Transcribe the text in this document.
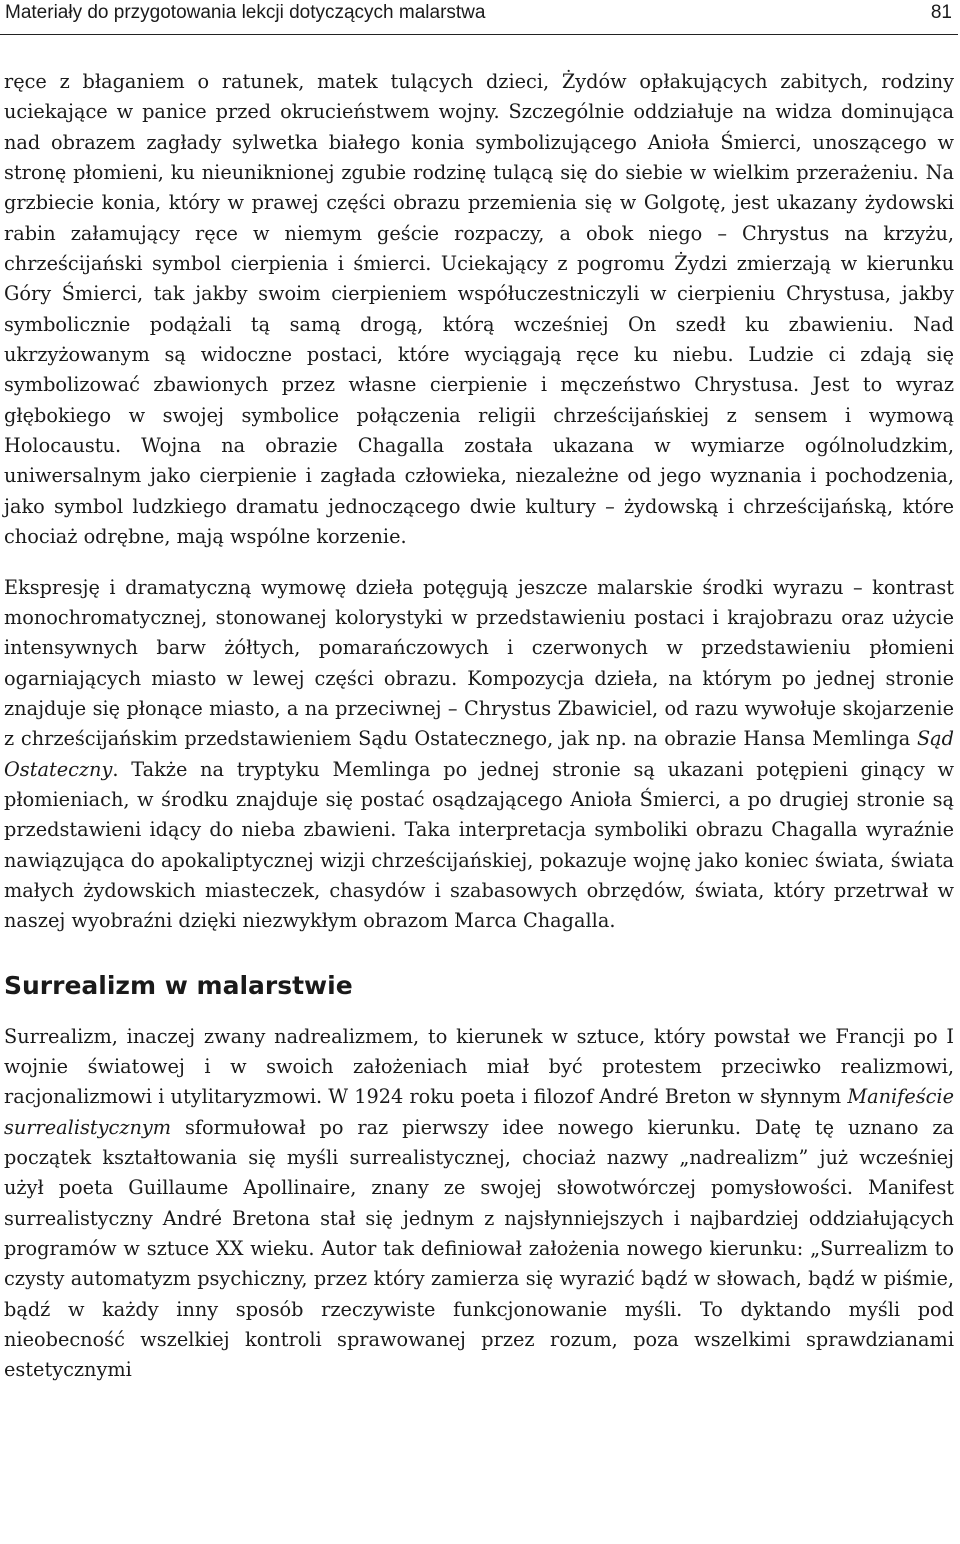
Materiały do przygotowania lekcji dotyczących malarstwa	81

ręce z błaganiem o ratunek, matek tulących dzieci, Żydów opłakujących zabitych, rodziny uciekające w panice przed okrucieństwem wojny. Szczególnie oddziałuje na widza dominująca nad obrazem zagłady sylwetka białego konia symbolizującego Anioła Śmierci, unoszącego w stronę płomieni, ku nieuniknionej zgubie rodzinę tulącą się do siebie w wielkim przerażeniu. Na grzbiecie konia, który w prawej części obrazu przemienia się w Golgotę, jest ukazany żydowski rabin załamujący ręce w niemym geście rozpaczy, a obok niego – Chrystus na krzyżu, chrześcijański symbol cierpienia i śmierci. Uciekający z pogromu Żydzi zmierzają w kierunku Góry Śmierci, tak jakby swoim cierpieniem współuczestniczyli w cierpieniu Chrystusa, jakby symbolicznie podążali tą samą drogą, którą wcześniej On szedł ku zbawieniu. Nad ukrzyżowanym są widoczne postaci, które wyciągają ręce ku niebu. Ludzie ci zdają się symbolizować zbawionych przez własne cierpienie i męczeństwo Chrystusa. Jest to wyraz głębokiego w swojej symbolice połączenia religii chrześcijańskiej z sensem i wymową Holocaustu. Wojna na obrazie Chagalla została ukazana w wymiarze ogólnoludzkim, uniwersalnym jako cierpienie i zagłada człowieka, niezależne od jego wyznania i pochodzenia, jako symbol ludzkiego dramatu jednoczącego dwie kultury – żydowską i chrześcijańską, które chociaż odrębne, mają wspólne korzenie.

Ekspresję i dramatyczną wymowę dzieła potęgują jeszcze malarskie środki wyrazu – kontrast monochromatycznej, stonowanej kolorystyki w przedstawieniu postaci i krajobrazu oraz użycie intensywnych barw żółtych, pomarańczowych i czerwonych w przedstawieniu płomieni ogarniających miasto w lewej części obrazu. Kompozycja dzieła, na którym po jednej stronie znajduje się płonące miasto, a na przeciwnej – Chrystus Zbawiciel, od razu wywołuje skojarzenie z chrześcijańskim przedstawieniem Sądu Ostatecznego, jak np. na obrazie Hansa Memlinga Sąd Ostateczny. Także na tryptyku Memlinga po jednej stronie są ukazani potępieni ginący w płomieniach, w środku znajduje się postać osądzającego Anioła Śmierci, a po drugiej stronie są przedstawieni idący do nieba zbawieni. Taka interpretacja symboliki obrazu Chagalla wyraźnie nawiązująca do apokaliptycznej wizji chrześcijańskiej, pokazuje wojnę jako koniec świata, świata małych żydowskich miasteczek, chasydów i szabasowych obrzędów, świata, który przetrwał w naszej wyobraźni dzięki niezwykłym obrazom Marca Chagalla.

Surrealizm w malarstwie

Surrealizm, inaczej zwany nadrealizmem, to kierunek w sztuce, który powstał we Francji po I wojnie światowej i w swoich założeniach miał być protestem przeciwko realizmowi, racjonalizmowi i utylitaryzmowi. W 1924 roku poeta i filozof André Breton w słynnym Manifeście surrealistycznym sformułował po raz pierwszy idee nowego kierunku. Datę tę uznano za początek kształtowania się myśli surrealistycznej, chociaż nazwy „nadrealizm” już wcześniej użył poeta Guillaume Apollinaire, znany ze swojej słowotwórczej pomysłowości. Manifest surrealistyczny André Bretona stał się jednym z najsłynniejszych i najbardziej oddziałujących programów w sztuce XX wieku. Autor tak definiował założenia nowego kierunku: „Surrealizm to czysty automatyzm psychiczny, przez który zamierza się wyrazić bądź w słowach, bądź w piśmie, bądź w każdy inny sposób rzeczywiste funkcjonowanie myśli. To dyktando myśli pod nieobecność wszelkiej kontroli sprawowanej przez rozum, poza wszelkimi sprawdzianami estetycznymi
